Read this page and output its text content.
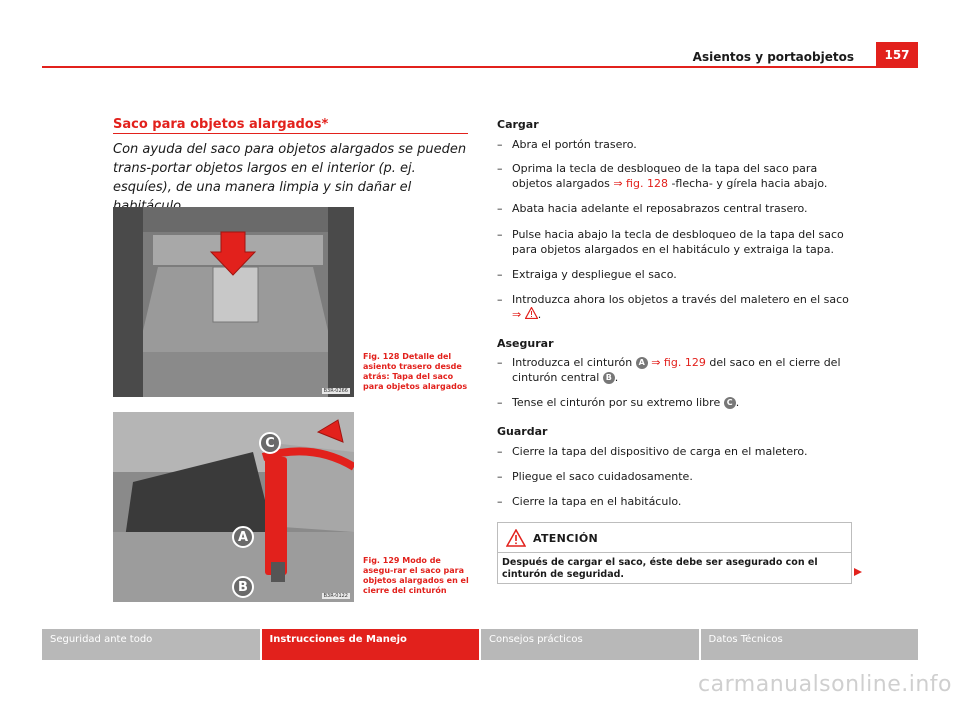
Asientos y portaobjetos	157
Saco para objetos alargados*
Con ayuda del saco para objetos alargados se pueden trans-portar objetos largos en el interior (p. ej. esquíes), de una manera limpia y sin dañar el
B3R-0266
Fig. 128 Detalle del asiento trasero desde atrás: Tapa del saco para objetos alargados
C
A
B
B3R-0122
Fig. 129 Modo de asegu-rar el saco para objetos alargados en el cierre del cinturón
Cargar
– Abra el portón trasero.
– Oprima la tecla de desbloqueo de la tapa del saco para objetos alargados ⇒ fig. 128 -flecha- y gírela hacia abajo.
– Abata hacia adelante el reposabrazos central trasero.
– Pulse hacia abajo la tecla de desbloqueo de la tapa del saco para objetos alargados en el habitáculo y extraiga la tapa.
– Extraiga y despliegue el saco.
– Introduzca ahora los objetos a través del maletero en el saco
⇒ .
Asegurar
– Introduzca el cinturón A ⇒ fig. 129 del saco en el cierre del cinturón central B .
– Tense el cinturón por su extremo libre C .
Guardar
– Cierre la tapa del dispositivo de carga en el maletero.
– Pliegue el saco cuidadosamente.
– Cierre la tapa en el habitáculo.
ATENCIÓN
Después de cargar el saco, éste debe ser asegurado con el cinturón de seguridad.
Seguridad ante todo	Instrucciones de Manejo	Consejos prácticos	Datos Técnicos
carmanualsonline.info
